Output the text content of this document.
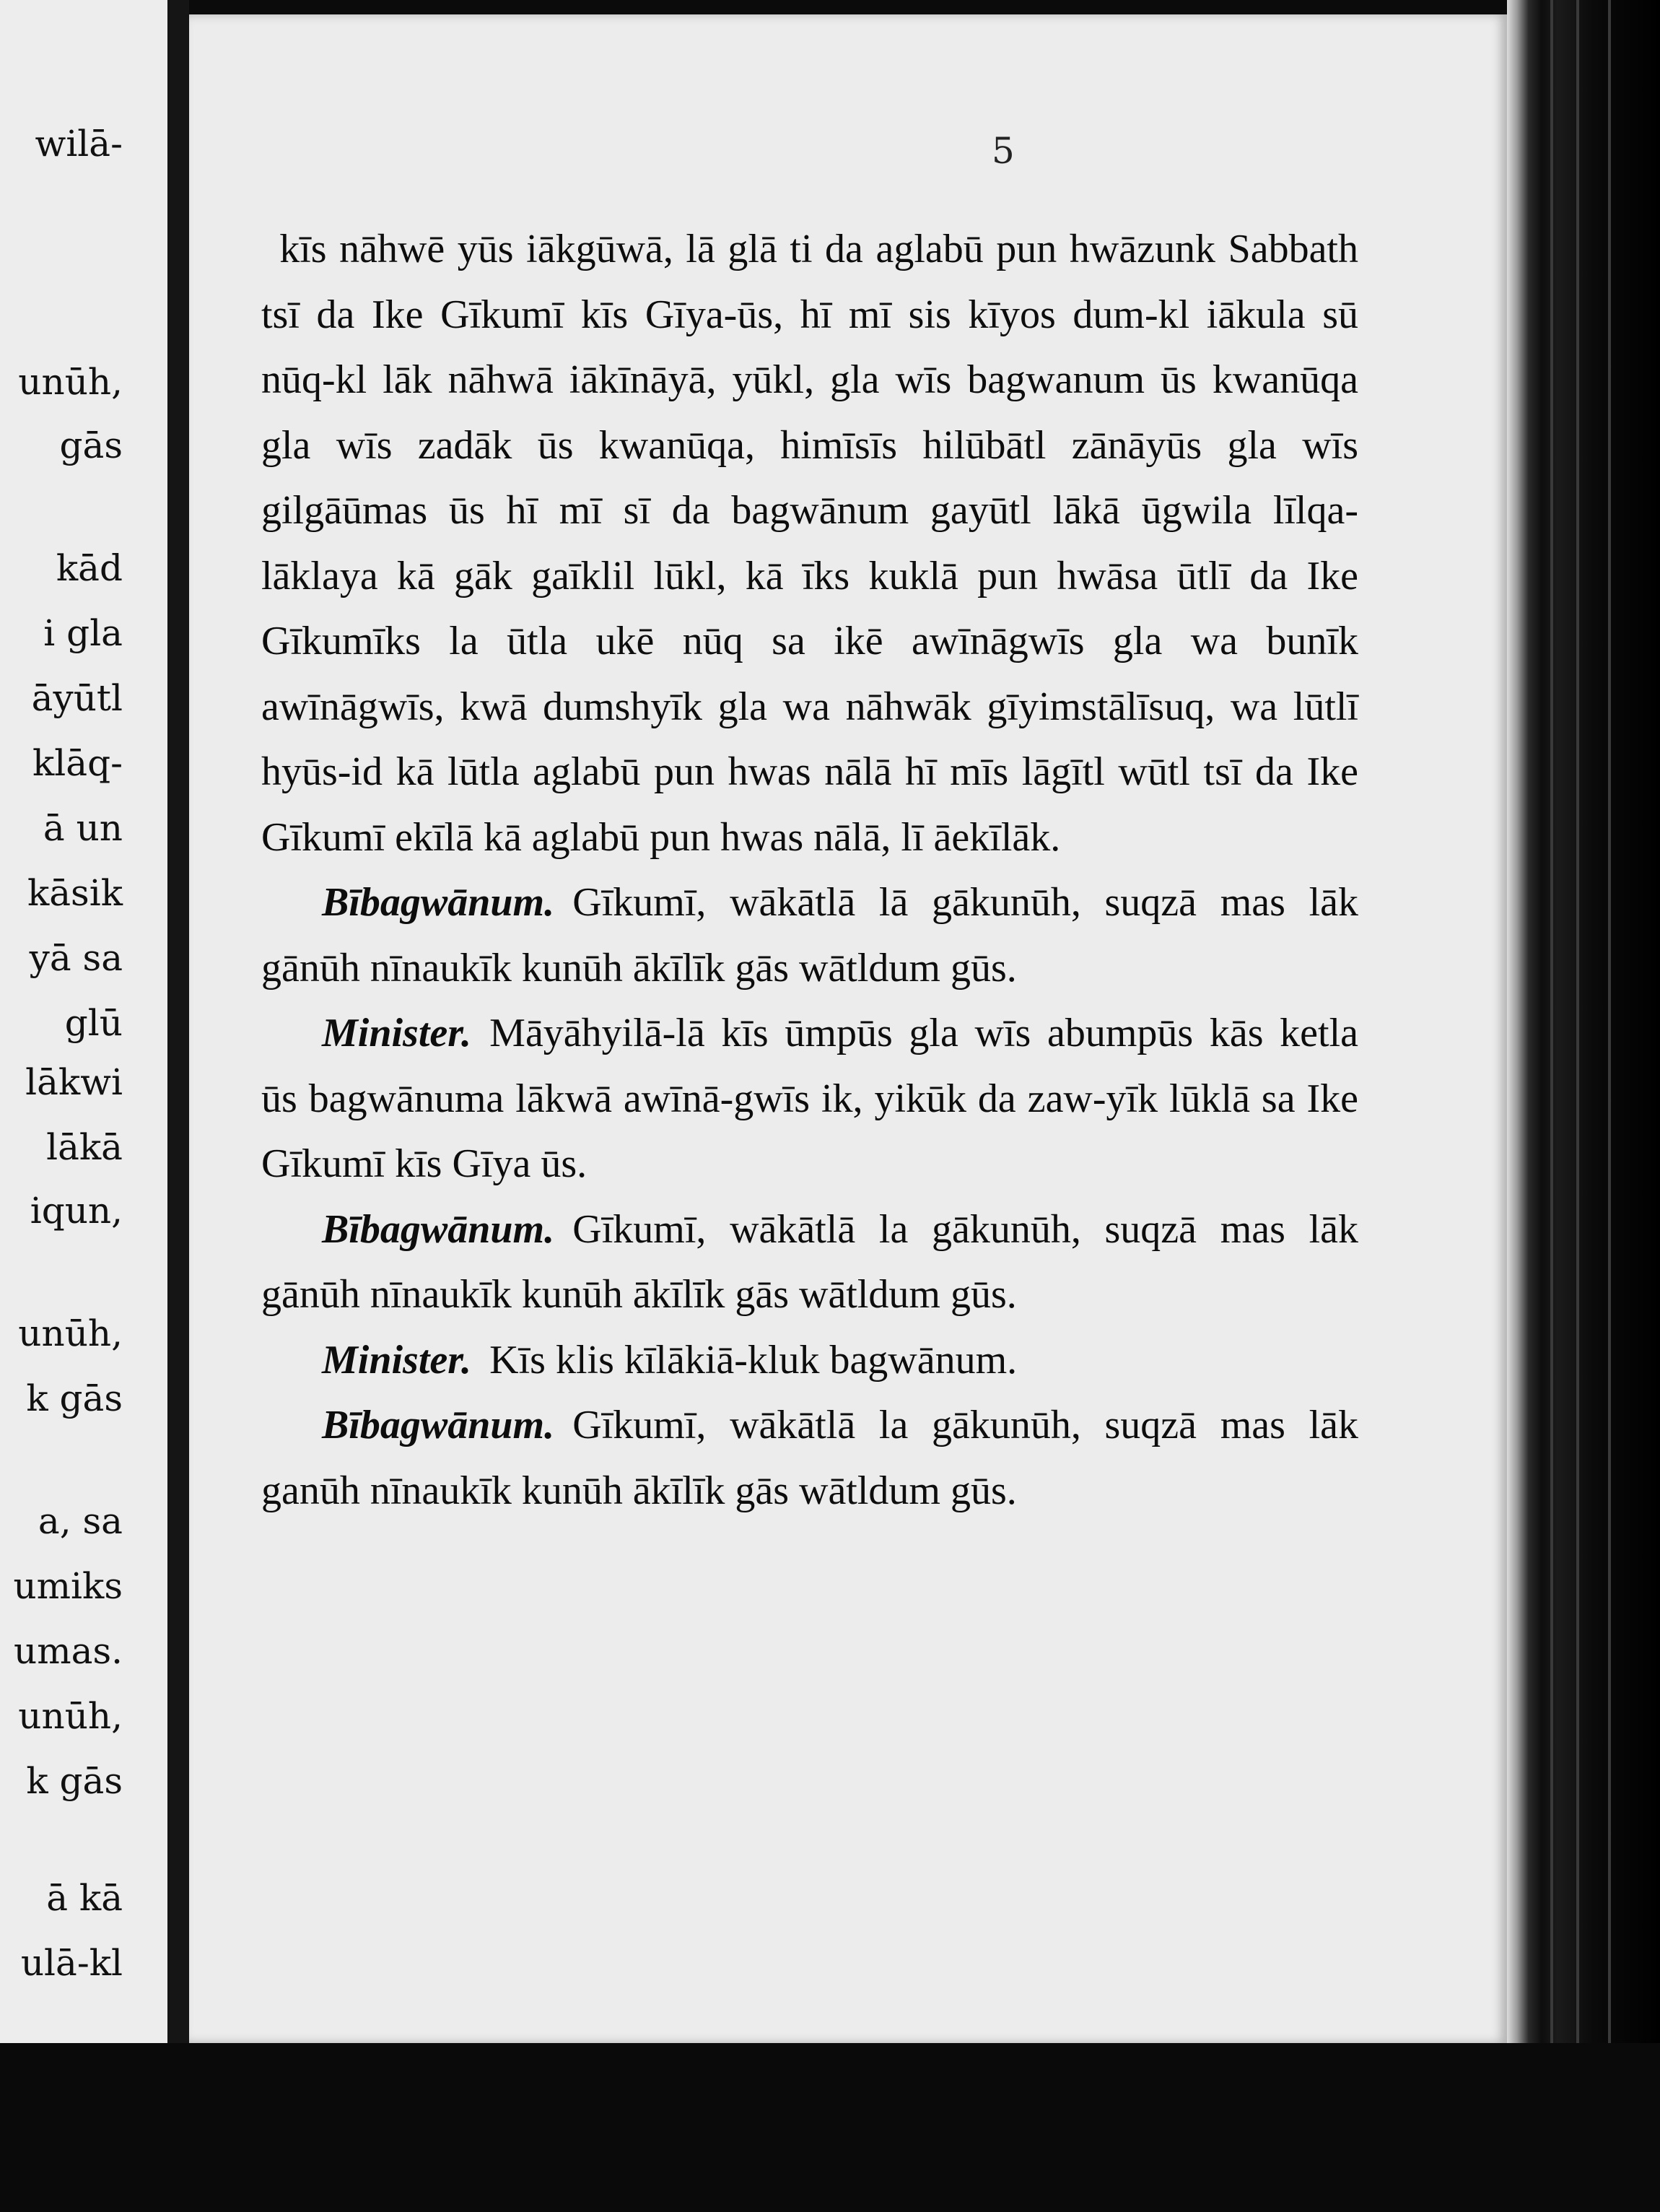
wilā-
unūh,
gās
kād
i gla
āyūtl
klāq-
ā un
kāsik
yā sa
glū
lākwi
lākā
iqun,
unūh,
k gās
a, sa
umiks
umas.
unūh,
k gās
ā kā
ulā-kl
5

kīs nāhwē yūs iākgūwā, lā glā ti da aglabū pun hwāzunk Sabbath tsī da Ike Gīkumī kīs Gīya-ūs, hī mī sis kīyos dum-kl iākula sū nūq-kl lāk nāhwā iākīnāyā, yūkl, gla wīs bagwanum ūs kwanūqa gla wīs zadāk ūs kwanūqa, himīsīs hilūbātl zānāyūs gla wīs gilgāūmas ūs hī mī sī da bagwānum gayūtl lākā ūgwila līlqa-lāklaya kā gāk gaīklil lūkl, kā īks kuklā pun hwāsa ūtlī da Ike Gīkumīks la ūtla ukē nūq sa ikē awīnāgwīs gla wa bunīk awīnāgwīs, kwā dumshyīk gla wa nāhwāk gīyimstālīsuq, wa lūtlī hyūs-id kā lūtla aglabū pun hwas nālā hī mīs lāgītl wūtl tsī da Ike Gīkumī ekīlā kā aglabū pun hwas nālā, lī āekīlāk.

Bībagwānum. Gīkumī, wākātlā lā gākunūh, suqzā mas lāk gānūh nīnaukīk kunūh ākīlīk gās wātldum gūs.

Minister. Māyāhyilā-lā kīs ūmpūs gla wīs abumpūs kās ketla ūs bagwānuma lākwā awīnā-gwīs ik, yikūk da zaw-yīk lūklā sa Ike Gīkumī kīs Gīya ūs.

Bībagwānum. Gīkumī, wākātlā la gākunūh, suqzā mas lāk gānūh nīnaukīk kunūh ākīlīk gās wātldum gūs.

Minister. Kīs klis kīlākiā-kluk bagwānum.

Bībagwānum. Gīkumī, wākātlā la gākunūh, suqzā mas lāk ganūh nīnaukīk kunūh ākīlīk gās wātldum gūs.
